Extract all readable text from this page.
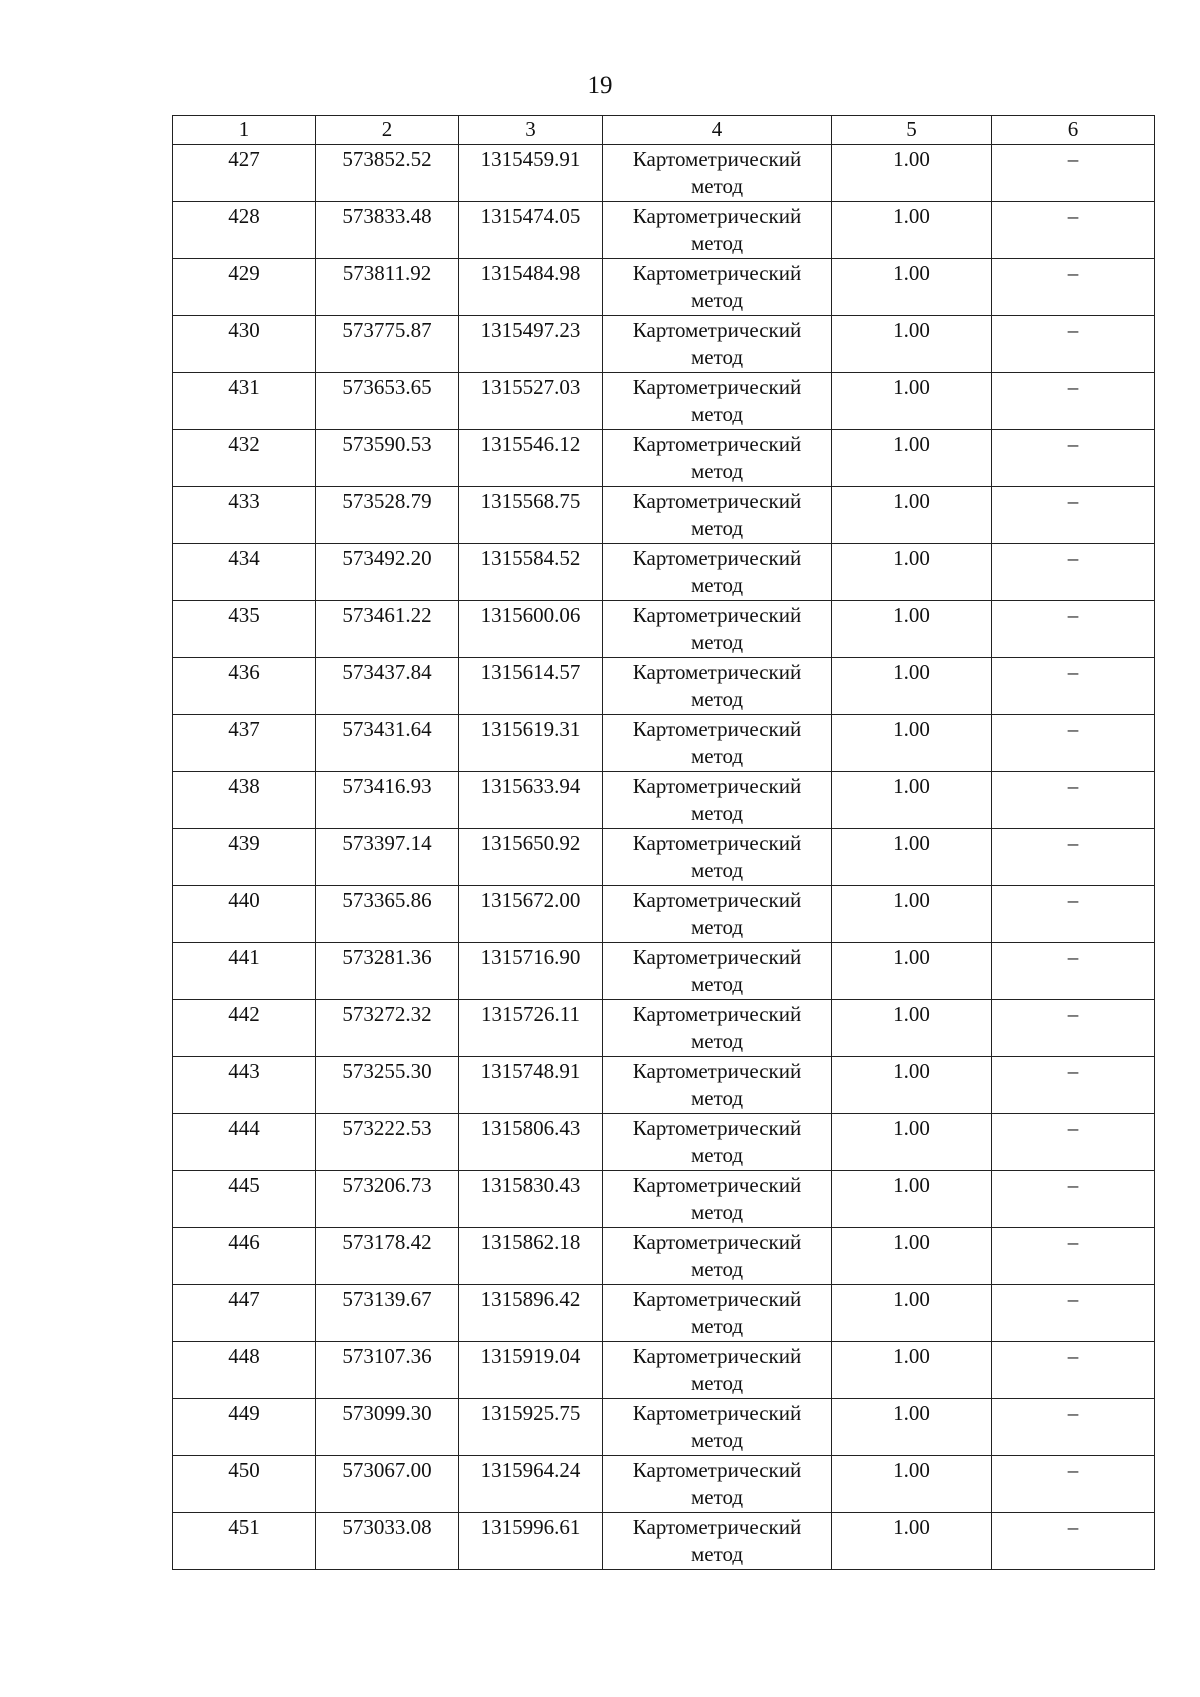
19
1	2	3	4	5	6
427	573852.52	1315459.91	Картометрический метод	1.00	–
428	573833.48	1315474.05	Картометрический метод	1.00	–
429	573811.92	1315484.98	Картометрический метод	1.00	–
430	573775.87	1315497.23	Картометрический метод	1.00	–
431	573653.65	1315527.03	Картометрический метод	1.00	–
432	573590.53	1315546.12	Картометрический метод	1.00	–
433	573528.79	1315568.75	Картометрический метод	1.00	–
434	573492.20	1315584.52	Картометрический метод	1.00	–
435	573461.22	1315600.06	Картометрический метод	1.00	–
436	573437.84	1315614.57	Картометрический метод	1.00	–
437	573431.64	1315619.31	Картометрический метод	1.00	–
438	573416.93	1315633.94	Картометрический метод	1.00	–
439	573397.14	1315650.92	Картометрический метод	1.00	–
440	573365.86	1315672.00	Картометрический метод	1.00	–
441	573281.36	1315716.90	Картометрический метод	1.00	–
442	573272.32	1315726.11	Картометрический метод	1.00	–
443	573255.30	1315748.91	Картометрический метод	1.00	–
444	573222.53	1315806.43	Картометрический метод	1.00	–
445	573206.73	1315830.43	Картометрический метод	1.00	–
446	573178.42	1315862.18	Картометрический метод	1.00	–
447	573139.67	1315896.42	Картометрический метод	1.00	–
448	573107.36	1315919.04	Картометрический метод	1.00	–
449	573099.30	1315925.75	Картометрический метод	1.00	–
450	573067.00	1315964.24	Картометрический метод	1.00	–
451	573033.08	1315996.61	Картометрический метод	1.00	–
